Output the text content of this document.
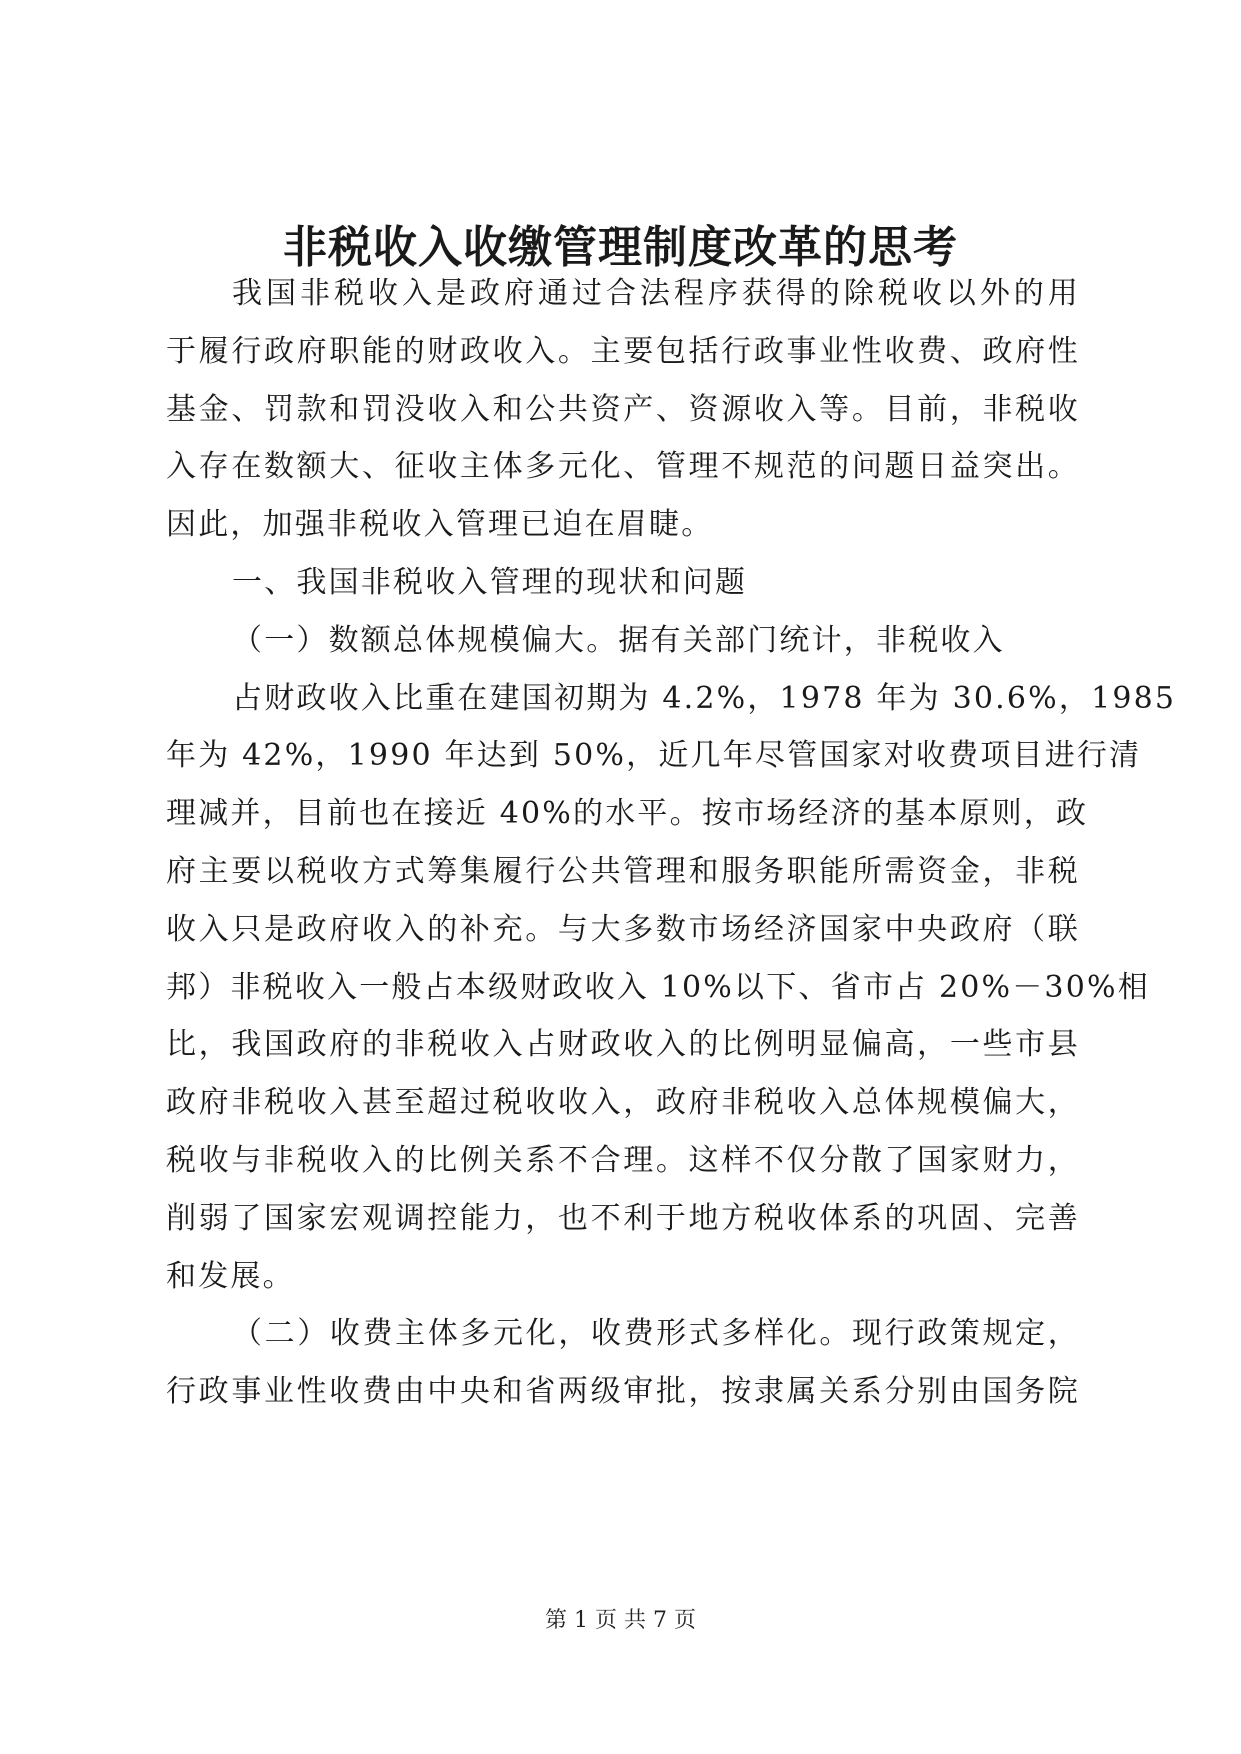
非税收入收缴管理制度改革的思考
我国非税收入是政府通过合法程序获得的除税收以外的用
于履行政府职能的财政收入。主要包括行政事业性收费、政府性
基金、罚款和罚没收入和公共资产、资源收入等。目前，非税收
入存在数额大、征收主体多元化、管理不规范的问题日益突出。
因此，加强非税收入管理已迫在眉睫。
一、我国非税收入管理的现状和问题
（一）数额总体规模偏大。据有关部门统计，非税收入
占财政收入比重在建国初期为 4.2%，1978 年为 30.6%，1985
年为 42%，1990 年达到 50%，近几年尽管国家对收费项目进行清
理减并，目前也在接近 40%的水平。按市场经济的基本原则，政
府主要以税收方式筹集履行公共管理和服务职能所需资金，非税
收入只是政府收入的补充。与大多数市场经济国家中央政府（联
邦）非税收入一般占本级财政收入 10%以下、省市占 20%－30%相
比，我国政府的非税收入占财政收入的比例明显偏高，一些市县
政府非税收入甚至超过税收收入，政府非税收入总体规模偏大，
税收与非税收入的比例关系不合理。这样不仅分散了国家财力，
削弱了国家宏观调控能力，也不利于地方税收体系的巩固、完善
和发展。
（二）收费主体多元化，收费形式多样化。现行政策规定，
行政事业性收费由中央和省两级审批，按隶属关系分别由国务院
第 1 页 共 7 页
